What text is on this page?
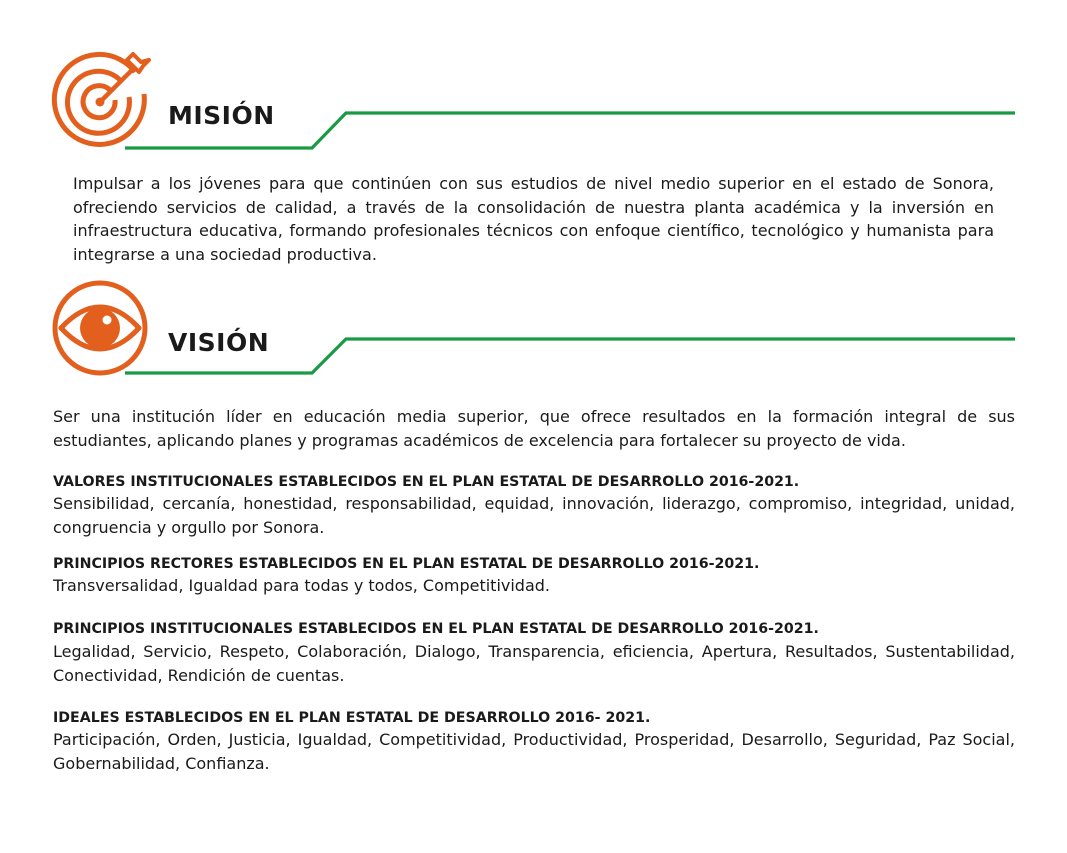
MISIÓN

Impulsar a los jóvenes para que continúen con sus estudios de nivel medio superior en el estado de Sonora, ofreciendo servicios de calidad, a través de la consolidación de nuestra planta académica y la inversión en infraestructura educativa, formando profesionales técnicos con enfoque científico, tecnológico y humanista para integrarse a una sociedad productiva.

VISIÓN

Ser una institución líder en educación media superior, que ofrece resultados en la formación integral de sus estudiantes, aplicando planes y programas académicos de excelencia para fortalecer su proyecto de vida.

VALORES INSTITUCIONALES ESTABLECIDOS EN EL PLAN ESTATAL DE DESARROLLO 2016-2021.

Sensibilidad, cercanía, honestidad, responsabilidad, equidad, innovación, liderazgo, compromiso, integridad, unidad, congruencia y orgullo por Sonora.

PRINCIPIOS RECTORES ESTABLECIDOS EN EL PLAN ESTATAL DE DESARROLLO 2016-2021.

Transversalidad, Igualdad para todas y todos, Competitividad.

PRINCIPIOS INSTITUCIONALES ESTABLECIDOS EN EL PLAN ESTATAL DE DESARROLLO 2016-2021.

Legalidad, Servicio, Respeto, Colaboración, Dialogo, Transparencia, eficiencia, Apertura, Resultados, Sustentabilidad, Conectividad, Rendición de cuentas.

IDEALES ESTABLECIDOS EN EL PLAN ESTATAL DE DESARROLLO 2016- 2021.

Participación, Orden, Justicia, Igualdad, Competitividad, Productividad, Prosperidad, Desarrollo, Seguridad, Paz Social, Gobernabilidad, Confianza.
